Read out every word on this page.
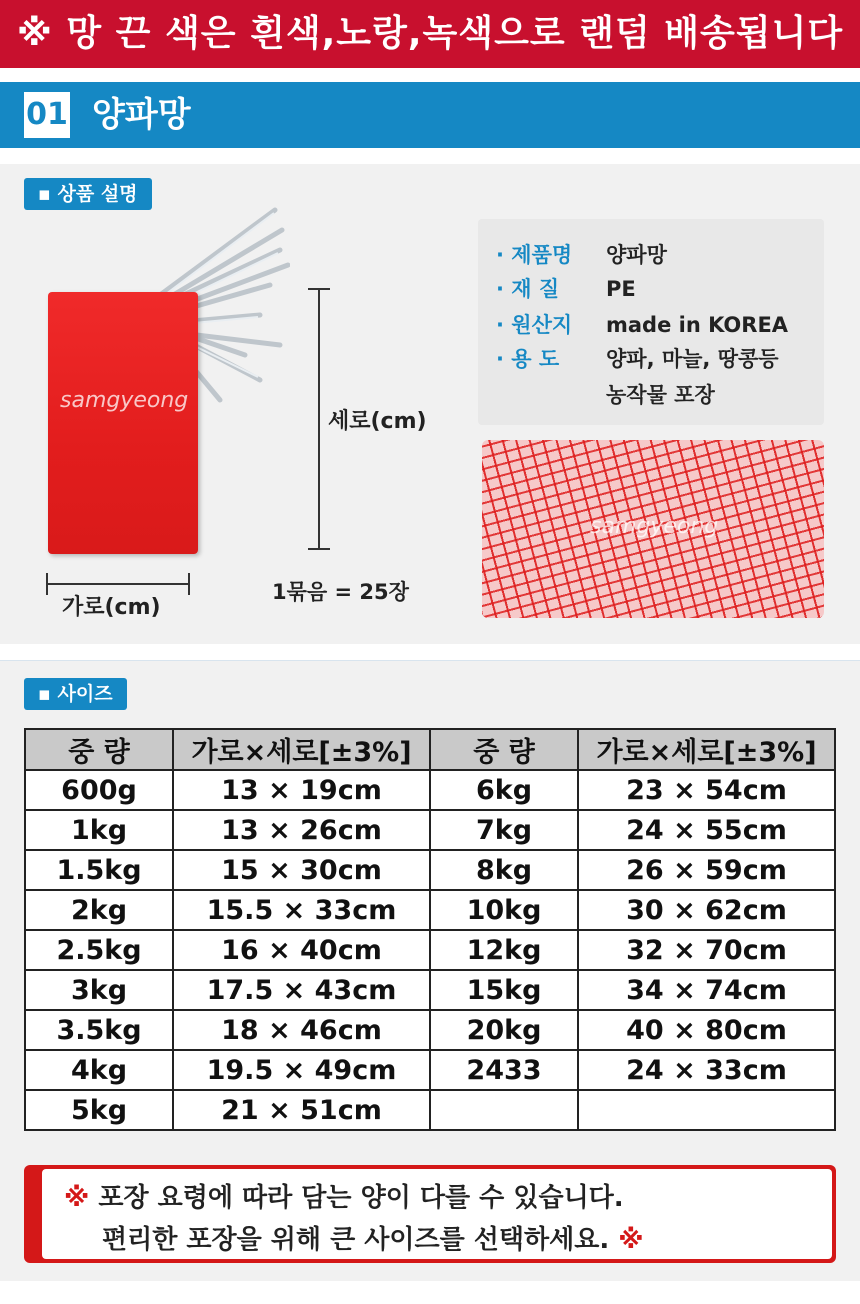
※ 망 끈 색은 흰색,노랑,녹색으로 랜덤 배송됩니다
01 양파망
▪ 상품 설명
samgyeong
세로(cm)
가로(cm)
1묶음 = 25장
· 제품명 양파망
· 재 질 PE
· 원산지 made in KOREA
· 용 도 양파, 마늘, 땅콩등
농작물 포장
samgyeong
▪ 사이즈
중 량	가로×세로[±3%]	중 량	가로×세로[±3%]
600g	13 × 19cm	6kg	23 × 54cm
1kg	13 × 26cm	7kg	24 × 55cm
1.5kg	15 × 30cm	8kg	26 × 59cm
2kg	15.5 × 33cm	10kg	30 × 62cm
2.5kg	16 × 40cm	12kg	32 × 70cm
3kg	17.5 × 43cm	15kg	34 × 74cm
3.5kg	18 × 46cm	20kg	40 × 80cm
4kg	19.5 × 49cm	2433	24 × 33cm
5kg	21 × 51cm		
※ 포장 요령에 따라 담는 양이 다를 수 있습니다.
편리한 포장을 위해 큰 사이즈를 선택하세요. ※
